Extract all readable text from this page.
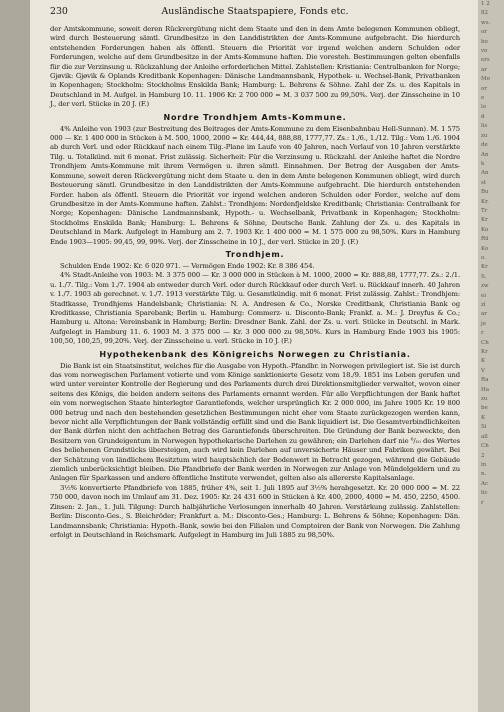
230	Ausländische Staatspapiere, Fonds etc.

der Amtskommune, soweit deren Rückvergütung nicht dem Staate und den in dem Amte belegenen Kommunen obliegt, wird durch Besteuerung sämtl. Grundbesitze in den Landdistrikten der Amts-Kommune aufgebracht. Die hierdurch entstehenden Forderungen haben als öffentl. Steuern die Priorität vor irgend welchen andern Schulden oder Forderungen, welche auf dem Grundbesitze in der Amts-Kommune haften. Die voresteh. Bestimmungen gelten ebenfalls für die zur Verzinsung u. Rückzahlung der Anleihe erforderlichen Mittel. Zahlstellen: Kristiania: Centralbanken for Norge; Gjøvik: Gjøvik & Oplands Kreditbank Kopenhagen: Dänische Landmannsbank, Hypothek- u. Wechsel-Bank, Privatbanken in Kopenhagen; Stockholm: Stockholms Enskilda Bank; Hamburg: L. Behrens & Söhne. Zahl der Zs. u. des Kapitals in Deutschland in M. Aufgel. in Hamburg 10. 11. 1906 Kr. 2 700 000 = M. 3 037 500 zu 99,50%. Verj. der Zinsscheine in 10 J., der verl. Stücke in 20 J. (F.)

Nordre Trondhjem Amts-Kommune.

4% Anleihe von 1903 (zur Bestreitung des Beitrages der Amts-Kommune zu dem Eisenbahnbau Hell-Sunnan). M. 1 575 000 — Kr. 1 400 000 in Stücken à M. 500, 1000, 2000 = Kr. 444,44, 888,88, 1777,77. Zs.: 1./6., 1./12. Tilg.: Vom 1./6. 1904 ab durch Verl. und oder Rückkauf nach einem Tilg.-Plane im Laufe von 40 Jahren, nach Verlauf von 10 Jahren verstärkte Tilg. u. Totalkünd. mit 6 monat. Frist zulässig. Sicherheit: Für die Verzinsung u. Rückzahl. der Anleihe haftet die Nordre Trondhjem Amts-Kommune mit ihrem Vermögen u. ihren sämtl. Einnahmen. Der Betrag der Ausgaben der Amts-Kommune, soweit deren Rückvergütung nicht dem Staate u. den in dem Amte belegenen Kommunen obliegt, wird durch Besteuerung sämtl. Grundbesitze in den Landdistrikten der Amts-Kommune aufgebracht. Die hierdurch entstehenden Forder. haben als öffentl. Steuern die Priorität vor irgend welchen anderen Schulden oder Forder., welche auf dem Grundbesitze in der Amts-Kommune haften. Zahlst.: Trondhjem: Nordenfjeldske Kreditbank; Christiania: Centralbank for Norge; Kopenhagen: Dänische Landmannsbank, Hypoth.- u. Wechselbank, Privatbank in Kopenhagen; Stockholm: Stockholms Enskilda Bank; Hamburg: L. Behrens & Söhne, Deutsche Bank. Zahlung der Zs. u. des Kapitals in Deutschland in Mark. Aufgelegt in Hamburg am 2. 7. 1903 Kr. 1 400 000 = M. 1 575 000 zu 98,50%. Kurs in Hamburg Ende 1903—1905: 99,45, 99, 99%. Verj. der Zinsscheine in 10 J., der verl. Stücke in 20 J. (F.)

Trondhjem.

Schulden Ende 1902: Kr. 6 020 971. — Vermögen Ende 1902: Kr. 8 386 454.

4% Stadt-Anleihe von 1903: M. 3 375 000 — Kr. 3 000 000 in Stücken à M. 1000, 2000 = Kr. 888,88, 1777,77. Zs.: 2./1. u. 1./7. Tilg.: Vom 1./7. 1904 ab entweder durch Verl. oder durch Rückkauf oder durch Verl. u. Rückkauf innerh. 40 Jahren v. 1./7. 1903 ab gerechnet. v. 1./7. 1913 verstärkte Tilg. u. Gesamtkündig. mit 6 monat. Frist zulässig. Zahlst.: Trondhjem: Stadtkasse, Trondhjems Handelsbank; Christiania: N. A. Andresen & Co., Norske Creditbank, Christiania Bank og Kreditkasse, Christiania Sparebank; Berlin u. Hamburg: Commerz- u. Disconto-Bank; Frankf. a. M.: J. Dreyfus & Co.; Hamburg u. Altona: Vereinsbank in Hamburg; Berlin: Dresdner Bank. Zahl. der Zs. u. verl. Stücke in Deutschl. in Mark. Aufgelegt in Hamburg 11. 6. 1903 M. 3 375 000 — Kr. 3 000 000 zu 98,50%. Kurs in Hamburg Ende 1903 bis 1905: 100,50, 100,25, 99,20%. Verj. der Zinsscheine u. verl. Stücke in 10 J. (F.)

Hypothekenbank des Königreichs Norwegen zu Christiania.

Die Bank ist ein Staatsinstitut, welches für die Ausgabe von Hypoth.-Pfandbr. in Norwegen privilegiert ist. Sie ist durch das vom norwegischen Parlament votierte und vom Könige sanktionierte Gesetz vom 18./9. 1851 ins Leben gerufen und wird unter vereinter Kontrolle der Regierung und des Parlaments durch drei Direktionsmitglieder verwaltet, wovon einer seitens des Königs, die beiden andern seitens des Parlaments ernannt werden. Für alle Verpflichtungen der Bank haftet ein vom norwegischen Staate hinterlegter Garantiefonds, welcher ursprünglich Kr. 2 000 000, im Jahre 1905 Kr. 19 800 000 betrug und nach den bestehenden gesetzlichen Bestimmungen nicht eher vom Staate zurückgezogen werden kann, bevor nicht alle Verpflichtungen der Bank vollständig erfüllt sind und die Bank liquidiert ist. Die Gesamtverbindlichkeiten der Bank dürfen nicht den achtfachen Betrag des Garantiefonds überschreiten. Die Gründung der Bank bezweckte, den Besitzern von Grundeigentum in Norwegen hypothekarische Darlehen zu gewähren; ein Darlehen darf nie ⁶/₁₀ des Wertes des beliehenen Grundstücks übersteigen, auch wird kein Darlehen auf unversicherte Häuser und Fabriken gewährt. Bei der Schätzung von ländlichem Besitztum wird hauptsächlich der Bodenwert in Betracht gezogen, während die Gebäude ziemlich unberücksichtigt bleiben. Die Pfandbriefe der Bank werden in Norwegen zur Anlage von Mündelgeldern und zu Anlagen für Sparkassen und andere öffentliche Institute verwendet, gelten also als allererste Kapitalsanlage.

3½% konvertierte Pfandbriefe von 1885, früher 4%, seit 1. Juli 1895 auf 3½% herabgesetzt. Kr. 20 000 000 = M. 22 750 000, davon noch im Umlauf am 31. Dez. 1905: Kr. 24 431 600 in Stücken à Kr. 400, 2000, 4000 = M. 450, 2250, 4500. Zinsen: 2. Jan., 1. Juli. Tilgung: Durch halbjährliche Verlosungen innerhalb 40 Jahren. Verstärkung zulässig. Zahlstellen: Berlin: Disconto-Ges., S. Bleichröder; Frankfurt a. M.: Disconto-Ges.; Hamburg: L. Behrens & Söhne; Kopenhagen: Dän. Landmannsbank; Christiania: Hypoth.-Bank, sowie bei den Filialen und Comptoiren der Bank von Norwegen. Die Zahlung erfolgt in Deutschland in Reichsmark. Aufgelegt in Hamburg im Juli 1885 zu 98,50%.

1 2
82
ws.
or
bo
vo
ers
ar
Mo
or
e
lo
d
lis
zu
de
An
k
An
st
Bu
Kr.
Tr
Kr
Ko
Rü
Ko
o.
Kr
S.
zw
ei
zl
ar
je
r
Ch
Kr
K
V
Ra
Ha
zu
be
K
Si
all
Ch
2
in
n.
Ac
lic
r
